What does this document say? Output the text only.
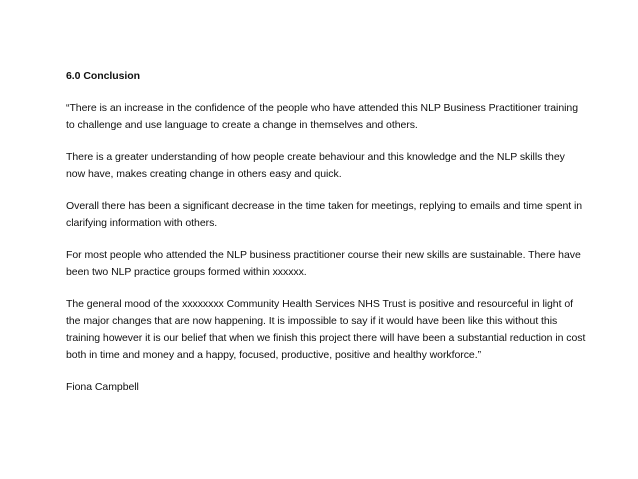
6.0 Conclusion

“There is an increase in the confidence of the people who have attended this NLP Business Practitioner training to challenge and use language to create a change in themselves and others.

There is a greater understanding of how people create behaviour and this knowledge and the NLP skills they now have, makes creating change in others easy and quick.

Overall there has been a significant decrease in the time taken for meetings, replying to emails and time spent in clarifying information with others.

For most people who attended the NLP business practitioner course their new skills are sustainable. There have been two NLP practice groups formed within xxxxxx.

The general mood of the xxxxxxxx Community Health Services NHS Trust is positive and resourceful in light of the major changes that are now happening. It is impossible to say if it would have been like this without this training however it is our belief that when we finish this project there will have been a substantial reduction in cost both in time and money and a happy, focused, productive, positive and healthy workforce.”

Fiona Campbell
